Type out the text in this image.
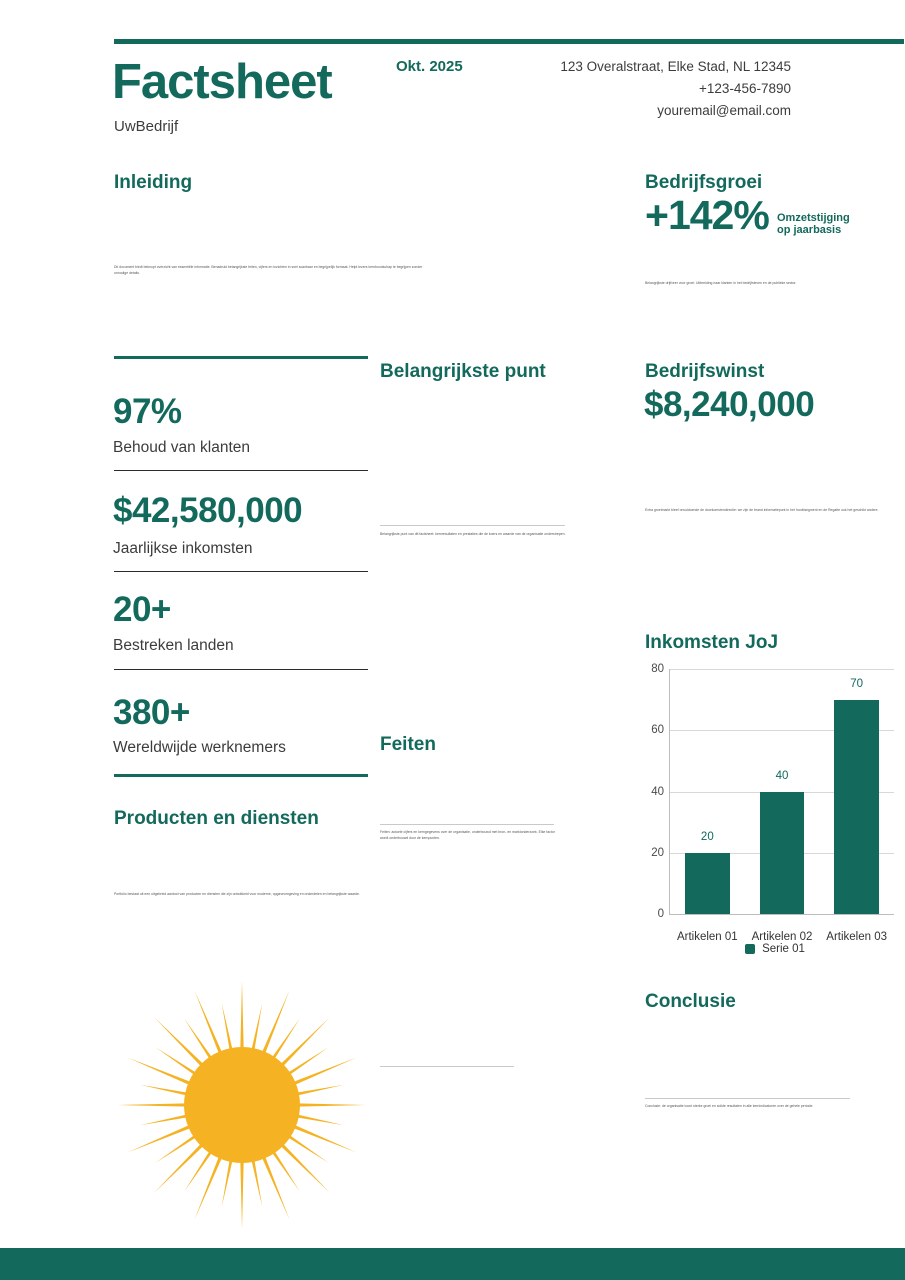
Factsheet
UwBedrijf
Okt. 2025	123 Overalstraat, Elke Stad, NL 12345
+123-456-7890
youremail@email.com
Inleiding
Dit document biedt beknopt overzicht van essentiële informatie. Benadrukt belangrijkste feiten, cijfers en inzichten in snel scanbaar en begrijpelijk formaat. Helpt lezers kernboodschap te begrijpen zonder onnodige details.
Bedrijfsgroei
+142% Omzetstijging op jaarbasis
Belangrijkste drijfveer voor groei: Uitbreiding naar klanten in het bedrijfsleven en de publieke sector.
97%
Behoud van klanten
$42,580,000
Jaarlijkse inkomsten
20+
Bestreken landen
380+
Wereldwijde werknemers
Producten en diensten
Portfolio bestaat uit een uitgebreid aanbod van producten en diensten die zijn ontwikkeld voor moderne, opgaveomgeving en onderdelen en belangrijkste waarde.
Belangrijkste punt
Belangrijkste punt van dit factsheet: kernresultaten en prestaties die de koers en waarde van de organisatie onderstrepen.
Feiten
Feiten: actuele cijfers en kerngegevens over de organisatie, onderbouwd met bron- en marktonderzoek. Elke factor wordt onderbouwd door de kernpunten.
Bedrijfswinst
$8,240,000
Extra groeimarkt bleef onvoldoende de doorkomstendirectie: we zijn de brand informatiepunt in het hoofdsegment en de Regatte ook het geschikt andere.
Inkomsten JoJ
0
20
40
60
80
20
Artikelen 01
40
Artikelen 02
70
Artikelen 03
Serie 01
Conclusie
Conclusie: de organisatie toont sterke groei en solide resultaten in alle kernindicatoren over de gehele periode.
